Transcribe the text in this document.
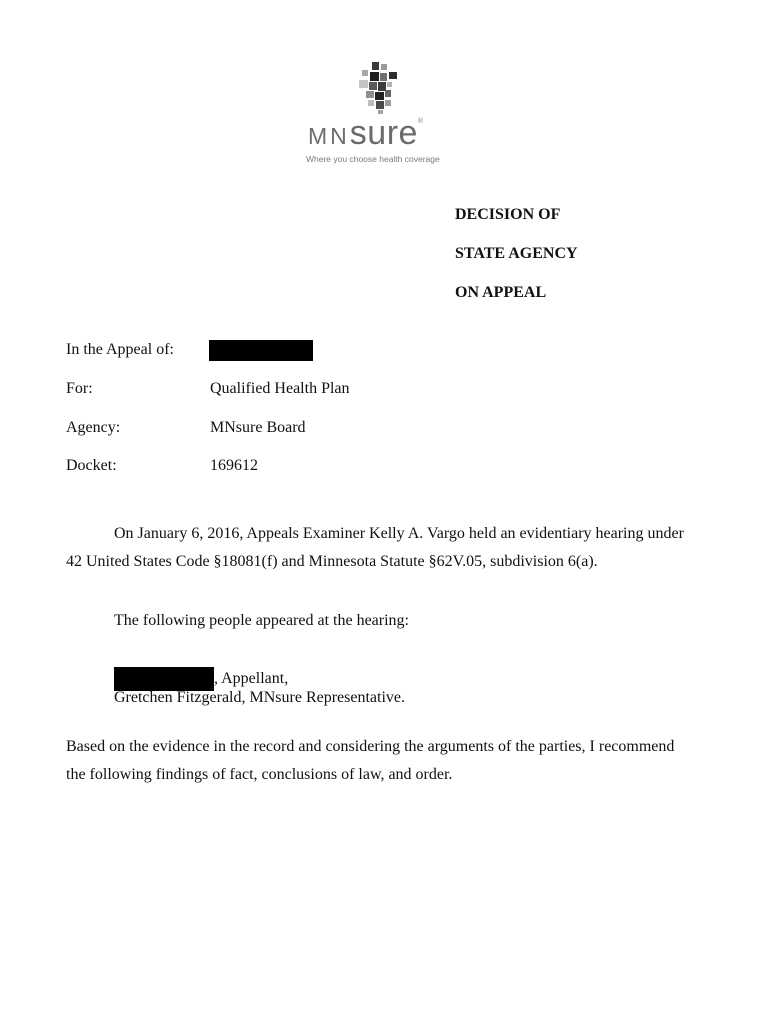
MNsure®
Where you choose health coverage
DECISION OF
STATE AGENCY
ON APPEAL
In the Appeal of:
For:	Qualified Health Plan
Agency:	MNsure Board
Docket:	169612
On January 6, 2016, Appeals Examiner Kelly A. Vargo held an evidentiary hearing under
42 United States Code §18081(f) and Minnesota Statute §62V.05, subdivision 6(a).
The following people appeared at the hearing:
, Appellant,
Gretchen Fitzgerald, MNsure Representative.
Based on the evidence in the record and considering the arguments of the parties, I recommend
the following findings of fact, conclusions of law, and order.
